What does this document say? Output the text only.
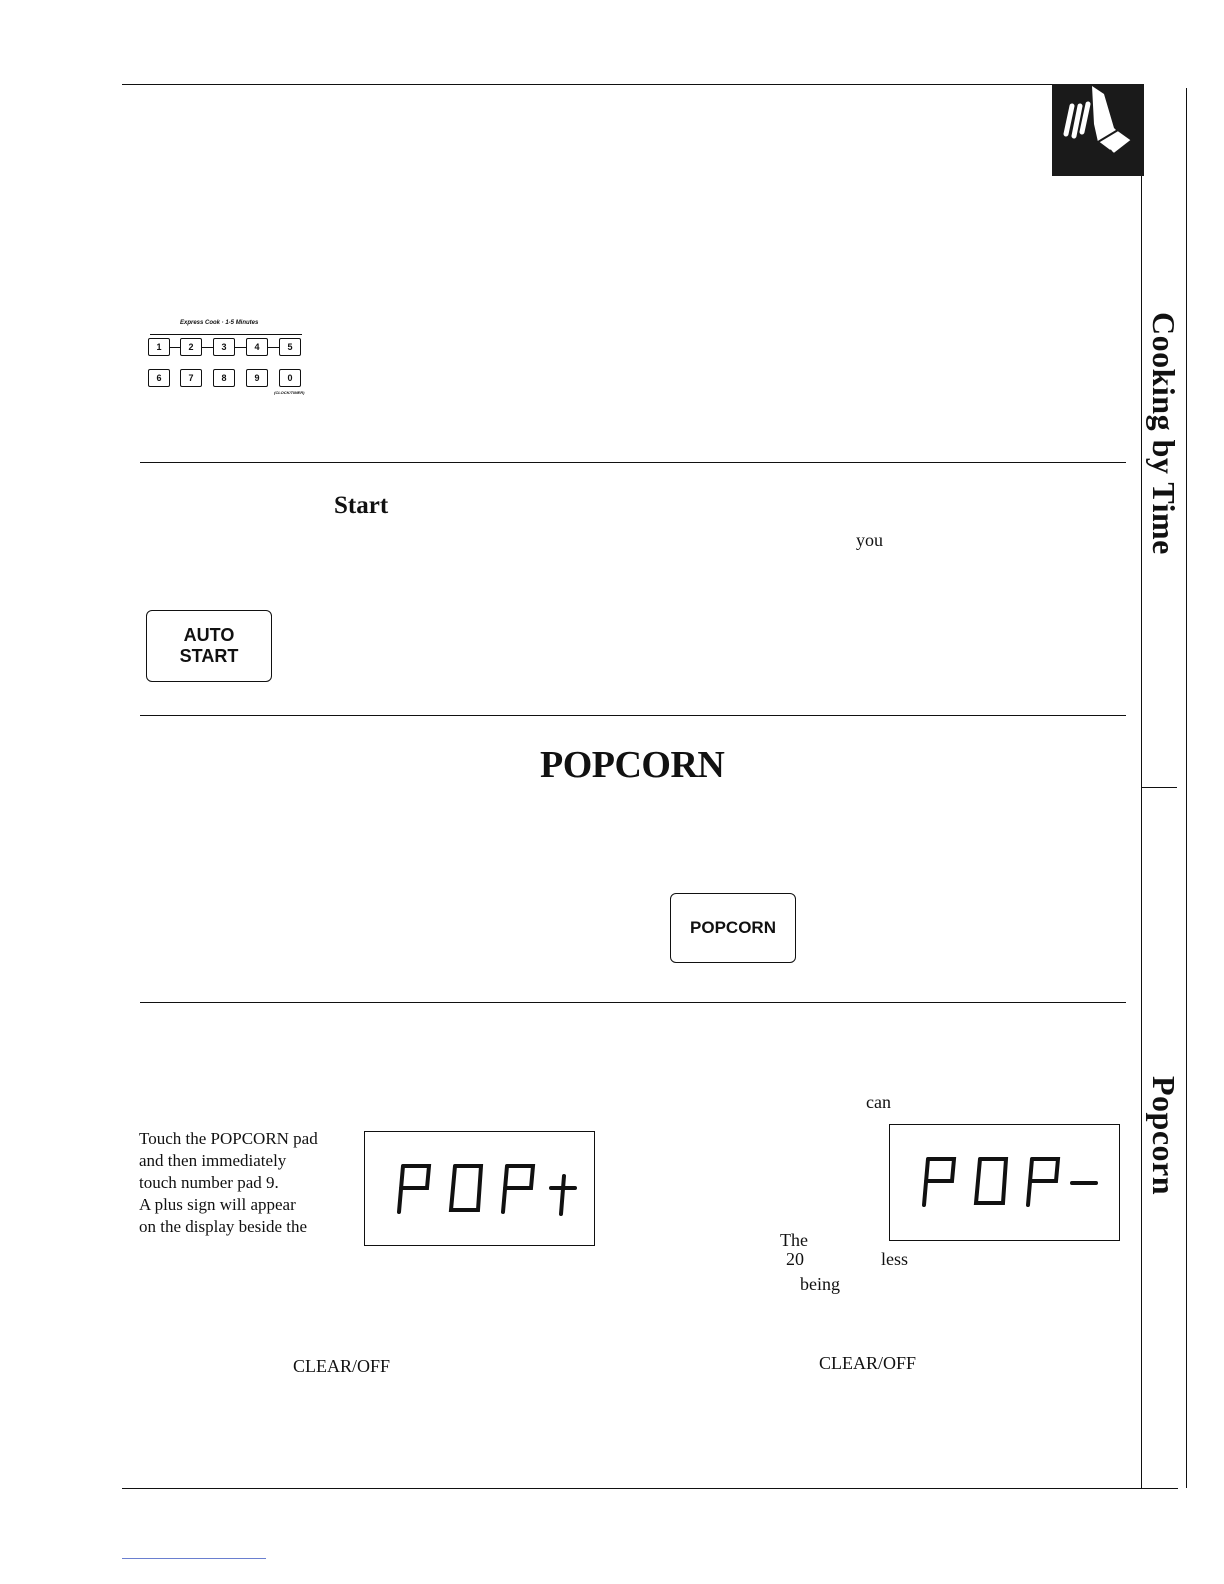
Cooking by Time
Popcorn
Express Cook · 1-5 Minutes
1	2	3	4	5
6	7	8	9	0
(CLOCK/TIMER)
Start
you
AUTO
START
POPCORN
POPCORN
Touch the POPCORN pad
and then immediately
touch number pad 9.
A plus sign will appear
on the display beside the
can
The
20	less
being
CLEAR/OFF	CLEAR/OFF
